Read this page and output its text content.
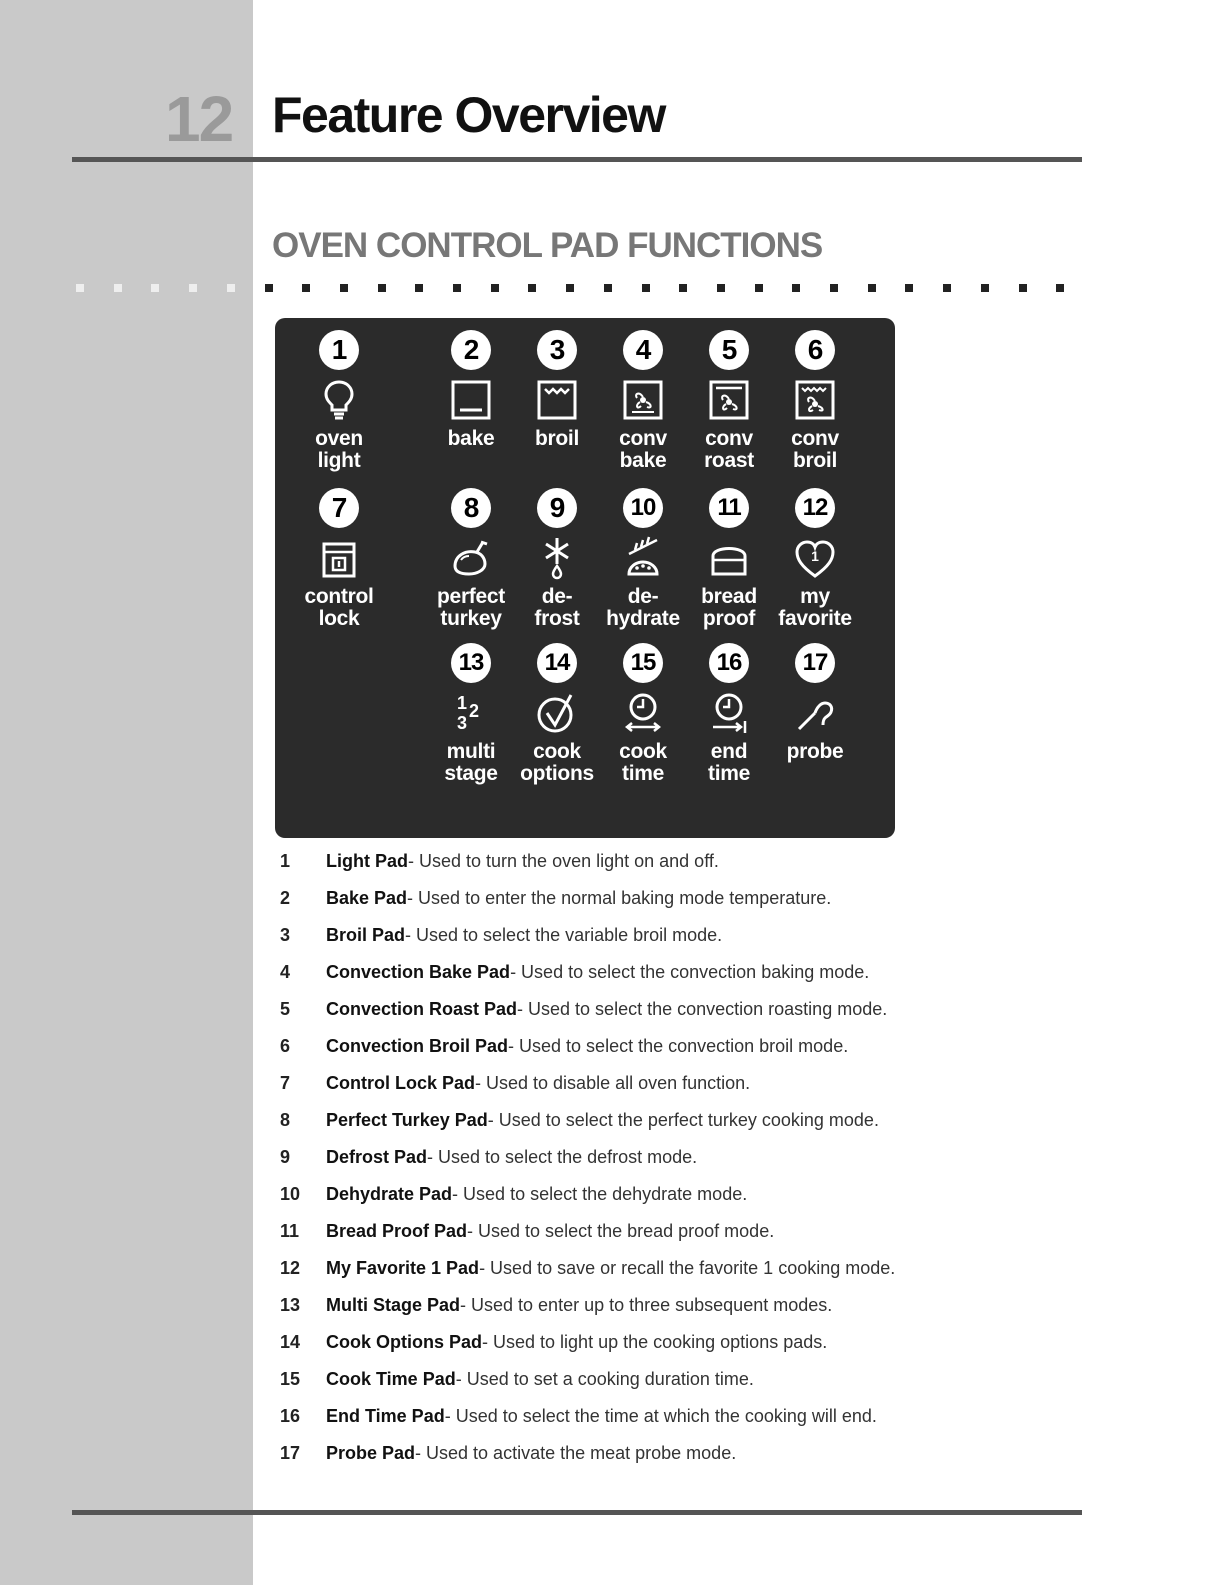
12 Feature Overview
OVEN CONTROL PAD FUNCTIONS
1
oven
light
2
bake
3
broil
4
conv
bake
5
conv
roast
6
conv
broil
7
control
lock
8
perfect
turkey
9
de-
frost
10
de-
hydrate
11
bread
proof
12
1
my
favorite
13
1 2
3
multi
stage
14
cook
options
15
cook
time
16
end
time
17
probe
1	Light Pad- Used to turn the oven light on and off.
2	Bake Pad- Used to enter the normal baking mode temperature.
3	Broil Pad- Used to select the variable broil mode.
4	Convection Bake Pad- Used to select the convection baking mode.
5	Convection Roast Pad- Used to select the convection roasting mode.
6	Convection Broil Pad- Used to select the convection broil mode.
7	Control Lock Pad- Used to disable all oven function.
8	Perfect Turkey Pad- Used to select the perfect turkey cooking mode.
9	Defrost Pad- Used to select the defrost mode.
10	Dehydrate Pad- Used to select the dehydrate mode.
11	Bread Proof Pad- Used to select the bread proof mode.
12	My Favorite 1 Pad- Used to save or recall the favorite 1 cooking mode.
13	Multi Stage Pad- Used to enter up to three subsequent modes.
14	Cook Options Pad- Used to light up the cooking options pads.
15	Cook Time Pad- Used to set a cooking duration time.
16	End Time Pad- Used to select the time at which the cooking will end.
17	Probe Pad- Used to activate the meat probe mode.
